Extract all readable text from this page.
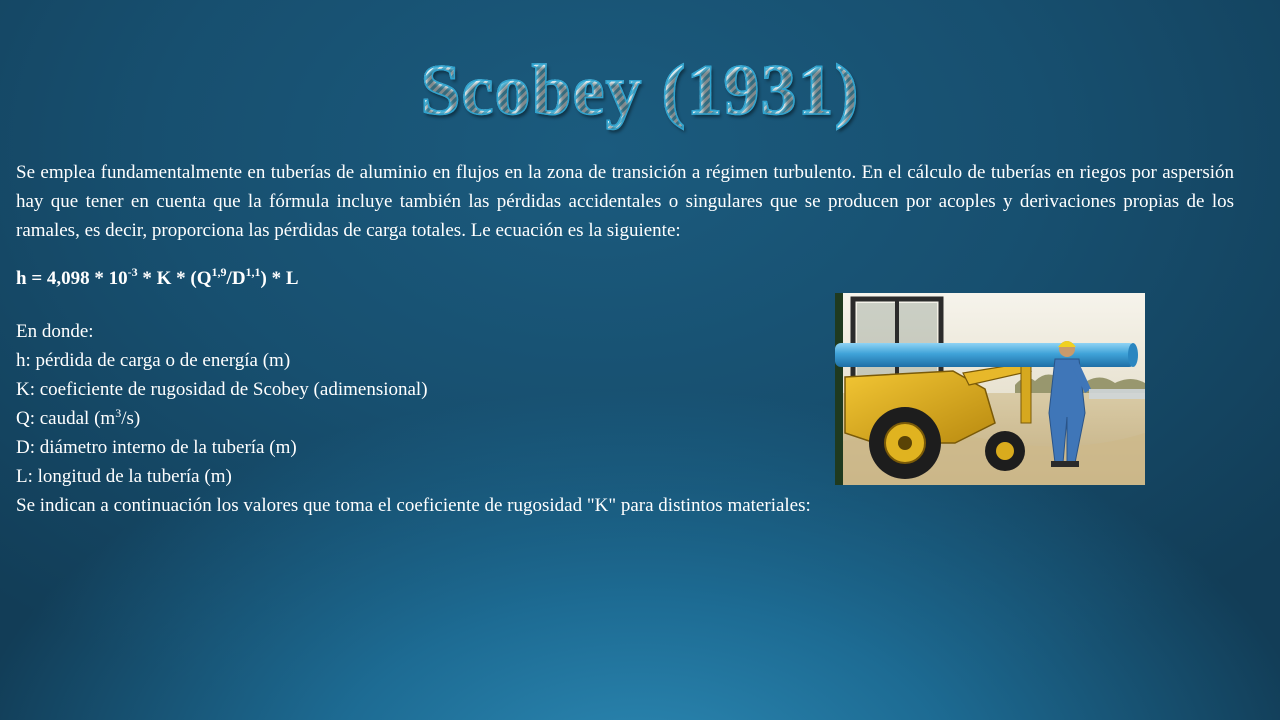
Scobey (1931)

Se emplea fundamentalmente en tuberías de aluminio en flujos en la zona de transición a régimen turbulento. En el cálculo de tuberías en riegos por aspersión hay que tener en cuenta que la fórmula incluye también las pérdidas accidentales o singulares que se producen por acoples y derivaciones propias de los ramales, es decir, proporciona las pérdidas de carga totales. Le ecuación es la siguiente:

$h = 4,098 * 10^{-3} * K * (Q^{1,9}/D^{1,1}) * L$
En donde:
h: pérdida de carga o de energía (m)
K: coeficiente de rugosidad de Scobey (adimensional)
Q: caudal $(m^3/s)$
D: diámetro interno de la tubería (m)
L: longitud de la tubería (m)
Se indican a continuación los valores que toma el coeficiente de rugosidad "K" para distintos materiales:
